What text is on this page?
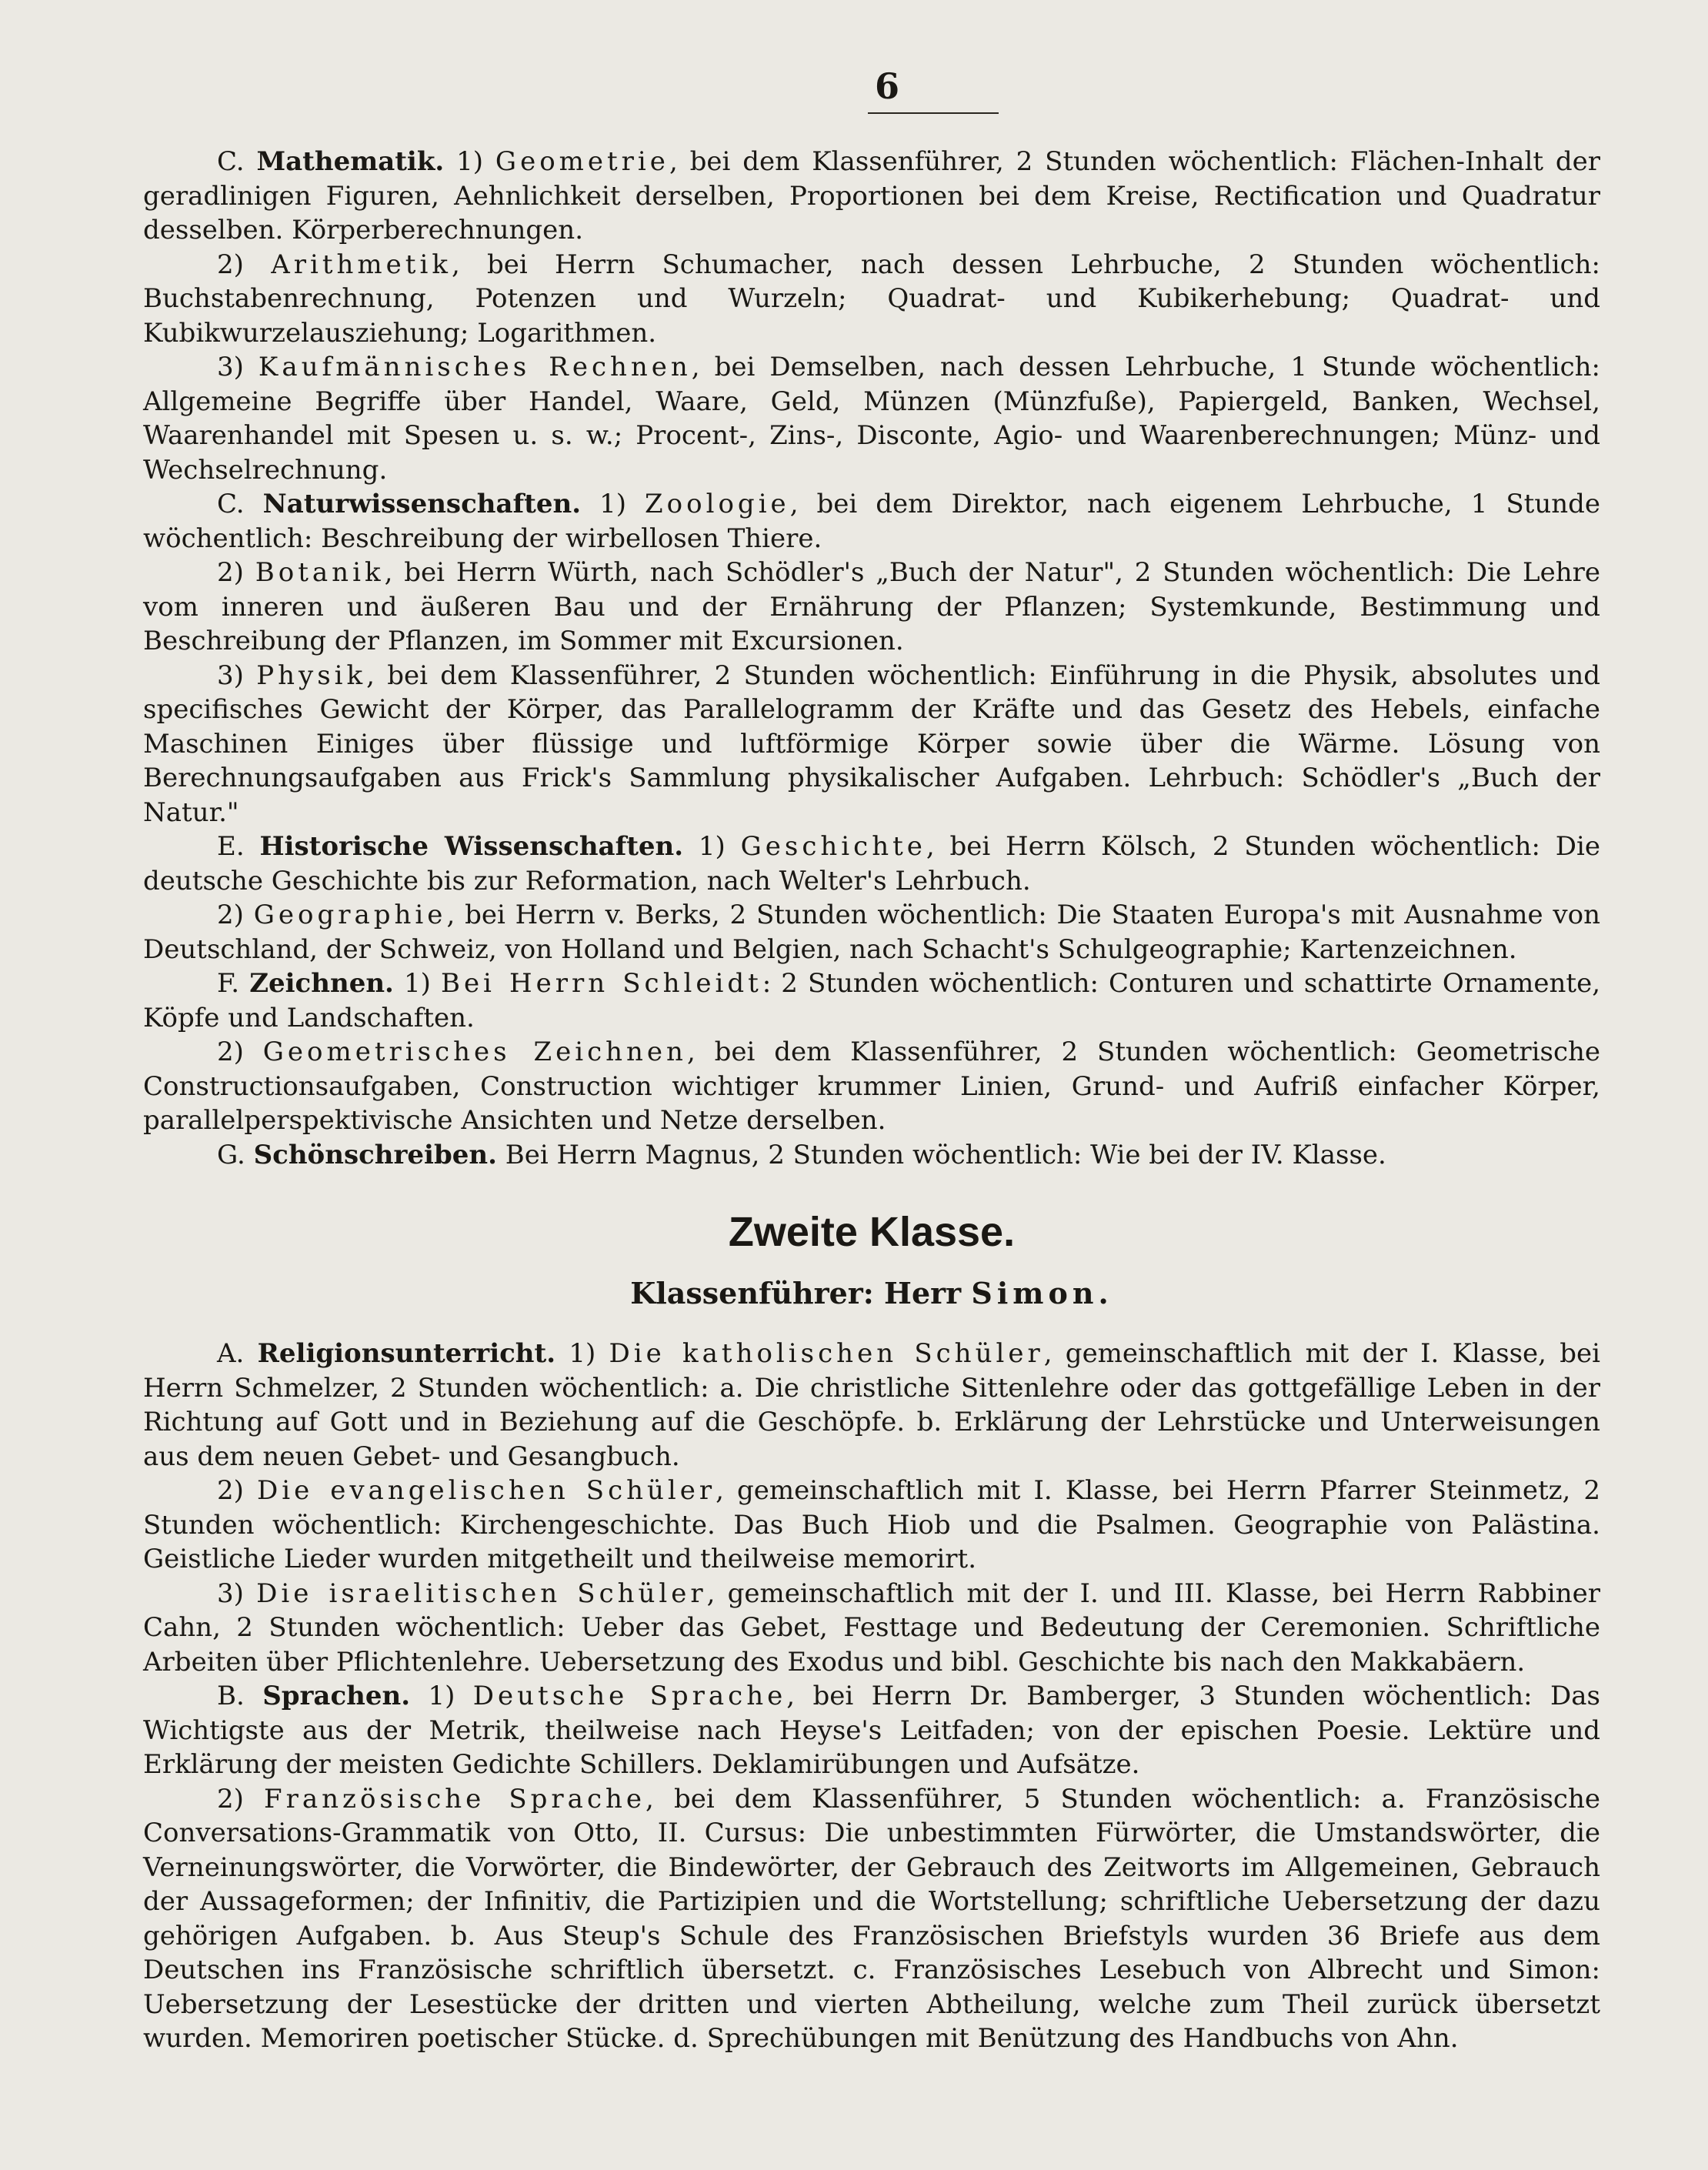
6

C. Mathematik. 1) Geometrie, bei dem Klassenführer, 2 Stunden wöchentlich: Flächen-Inhalt der geradlinigen Figuren, Aehnlichkeit derselben, Proportionen bei dem Kreise, Rectification und Quadratur desselben. Körperberechnungen.

2) Arithmetik, bei Herrn Schumacher, nach dessen Lehrbuche, 2 Stunden wöchentlich: Buchstabenrechnung, Potenzen und Wurzeln; Quadrat- und Kubikerhebung; Quadrat- und Kubikwurzelausziehung; Logarithmen.

3) Kaufmännisches Rechnen, bei Demselben, nach dessen Lehrbuche, 1 Stunde wöchentlich: Allgemeine Begriffe über Handel, Waare, Geld, Münzen (Münzfuße), Papiergeld, Banken, Wechsel, Waarenhandel mit Spesen u. s. w.; Procent-, Zins-, Disconte, Agio- und Waarenberechnungen; Münz- und Wechselrechnung.

C. Naturwissenschaften. 1) Zoologie, bei dem Direktor, nach eigenem Lehrbuche, 1 Stunde wöchentlich: Beschreibung der wirbellosen Thiere.

2) Botanik, bei Herrn Würth, nach Schödler's „Buch der Natur", 2 Stunden wöchentlich: Die Lehre vom inneren und äußeren Bau und der Ernährung der Pflanzen; Systemkunde, Bestimmung und Beschreibung der Pflanzen, im Sommer mit Excursionen.

3) Physik, bei dem Klassenführer, 2 Stunden wöchentlich: Einführung in die Physik, absolutes und specifisches Gewicht der Körper, das Parallelogramm der Kräfte und das Gesetz des Hebels, einfache Maschinen Einiges über flüssige und luftförmige Körper sowie über die Wärme. Lösung von Berechnungsaufgaben aus Frick's Sammlung physikalischer Aufgaben. Lehrbuch: Schödler's „Buch der Natur."

E. Historische Wissenschaften. 1) Geschichte, bei Herrn Kölsch, 2 Stunden wöchentlich: Die deutsche Geschichte bis zur Reformation, nach Welter's Lehrbuch.

2) Geographie, bei Herrn v. Berks, 2 Stunden wöchentlich: Die Staaten Europa's mit Ausnahme von Deutschland, der Schweiz, von Holland und Belgien, nach Schacht's Schulgeographie; Kartenzeichnen.

F. Zeichnen. 1) Bei Herrn Schleidt: 2 Stunden wöchentlich: Conturen und schattirte Ornamente, Köpfe und Landschaften.

2) Geometrisches Zeichnen, bei dem Klassenführer, 2 Stunden wöchentlich: Geometrische Constructionsaufgaben, Construction wichtiger krummer Linien, Grund- und Aufriß einfacher Körper, parallelperspektivische Ansichten und Netze derselben.

G. Schönschreiben. Bei Herrn Magnus, 2 Stunden wöchentlich: Wie bei der IV. Klasse.

Zweite Klasse.
Klassenführer: Herr Simon.

A. Religionsunterricht. 1) Die katholischen Schüler, gemeinschaftlich mit der I. Klasse, bei Herrn Schmelzer, 2 Stunden wöchentlich: a. Die christliche Sittenlehre oder das gottgefällige Leben in der Richtung auf Gott und in Beziehung auf die Geschöpfe. b. Erklärung der Lehrstücke und Unterweisungen aus dem neuen Gebet- und Gesangbuch.

2) Die evangelischen Schüler, gemeinschaftlich mit I. Klasse, bei Herrn Pfarrer Steinmetz, 2 Stunden wöchentlich: Kirchengeschichte. Das Buch Hiob und die Psalmen. Geographie von Palästina. Geistliche Lieder wurden mitgetheilt und theilweise memorirt.

3) Die israelitischen Schüler, gemeinschaftlich mit der I. und III. Klasse, bei Herrn Rabbiner Cahn, 2 Stunden wöchentlich: Ueber das Gebet, Festtage und Bedeutung der Ceremonien. Schriftliche Arbeiten über Pflichtenlehre. Uebersetzung des Exodus und bibl. Geschichte bis nach den Makkabäern.

B. Sprachen. 1) Deutsche Sprache, bei Herrn Dr. Bamberger, 3 Stunden wöchentlich: Das Wichtigste aus der Metrik, theilweise nach Heyse's Leitfaden; von der epischen Poesie. Lektüre und Erklärung der meisten Gedichte Schillers. Deklamirübungen und Aufsätze.

2) Französische Sprache, bei dem Klassenführer, 5 Stunden wöchentlich: a. Französische Conversations-Grammatik von Otto, II. Cursus: Die unbestimmten Fürwörter, die Umstandswörter, die Verneinungswörter, die Vorwörter, die Bindewörter, der Gebrauch des Zeitworts im Allgemeinen, Gebrauch der Aussageformen; der Infinitiv, die Partizipien und die Wortstellung; schriftliche Uebersetzung der dazu gehörigen Aufgaben. b. Aus Steup's Schule des Französischen Briefstyls wurden 36 Briefe aus dem Deutschen ins Französische schriftlich übersetzt. c. Französisches Lesebuch von Albrecht und Simon: Uebersetzung der Lesestücke der dritten und vierten Abtheilung, welche zum Theil zurück übersetzt wurden. Memoriren poetischer Stücke. d. Sprechübungen mit Benützung des Handbuchs von Ahn.
